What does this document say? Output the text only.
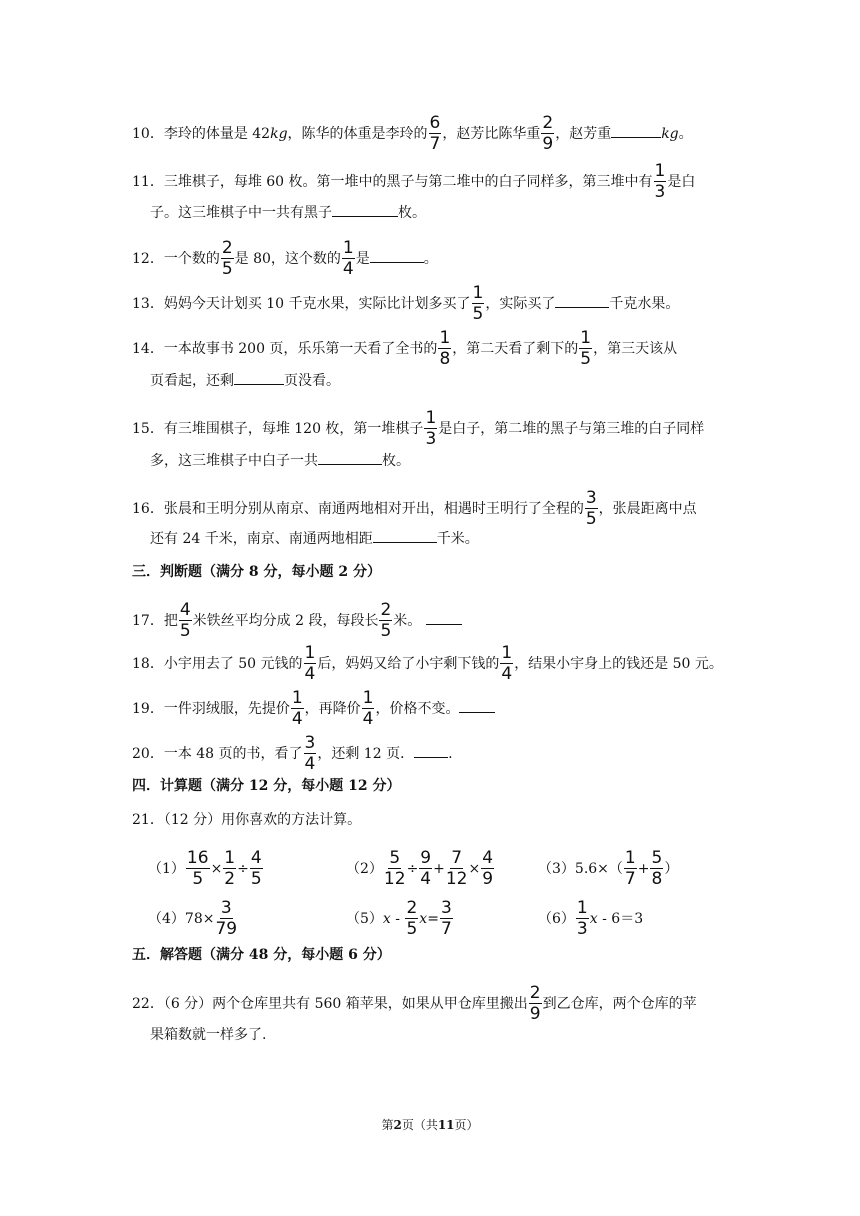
10．李玲的体量是 42kg，陈华的体重是李玲的 $\frac{6}{7}$ ，赵芳比陈华重 $\frac{2}{9}$ ，赵芳重	kg。
11．三堆棋子，每堆 60 枚。第一堆中的黑子与第二堆中的白子同样多，第三堆中有 $\frac{1}{3}$ 是白
子。这三堆棋子中一共有黑子	枚。
12．一个数的 $\frac{2}{5}$ 是 80，这个数的 $\frac{1}{4}$ 是	。
13．妈妈今天计划买 10 千克水果，实际比计划多买了 $\frac{1}{5}$ ，实际买了	千克水果。
14．一本故事书 200 页，乐乐第一天看了全书的 $\frac{1}{8}$ ，第二天看了剩下的 $\frac{1}{5}$ ，第三天该从
页看起，还剩	页没看。
15．有三堆围棋子，每堆 120 枚，第一堆棋子 $\frac{1}{3}$ 是白子，第二堆的黑子与第三堆的白子同样
多，这三堆棋子中白子一共	枚。
16．张晨和王明分别从南京、南通两地相对开出，相遇时王明行了全程的 $\frac{3}{5}$ ，张晨距离中点
还有 24 千米，南京、南通两地相距	千米。
三．判断题（满分 8 分，每小题 2 分）
17．把 $\frac{4}{5}$ 米铁丝平均分成 2 段，每段长 $\frac{2}{5}$ 米。
18．小宇用去了 50 元钱的 $\frac{1}{4}$ 后，妈妈又给了小宇剩下钱的 $\frac{1}{4}$ ，结果小宇身上的钱还是 50 元。
19．一件羽绒服，先提价 $\frac{1}{4}$ ，再降价 $\frac{1}{4}$ ，价格不变。
20．一本 48 页的书，看了 $\frac{3}{4}$ ，还剩 12 页． .
四．计算题（满分 12 分，每小题 12 分）
21．（12 分）用你喜欢的方法计算。
$(1) \frac{16}{5} \times \frac{1}{2} \div \frac{4}{5}$	$(2) \frac{5}{12} \div \frac{9}{4} + \frac{7}{12} \times \frac{4}{9}$	$(3)5.6\times( \frac{1}{7} + \frac{5}{8}$ ）
$(4)78\times \frac{3}{79}$	$(5)x - \frac{2}{5} x= \frac{3}{7}$	$(6) \frac{1}{3}$ x - 6＝3
五．解答题（满分 48 分，每小题 6 分）
22．（6 分）两个仓库里共有 560 箱苹果，如果从甲仓库里搬出 $\frac{2}{9}$ 到乙仓库，两个仓库的苹
果箱数就一样多了.
第2页（共11页）
